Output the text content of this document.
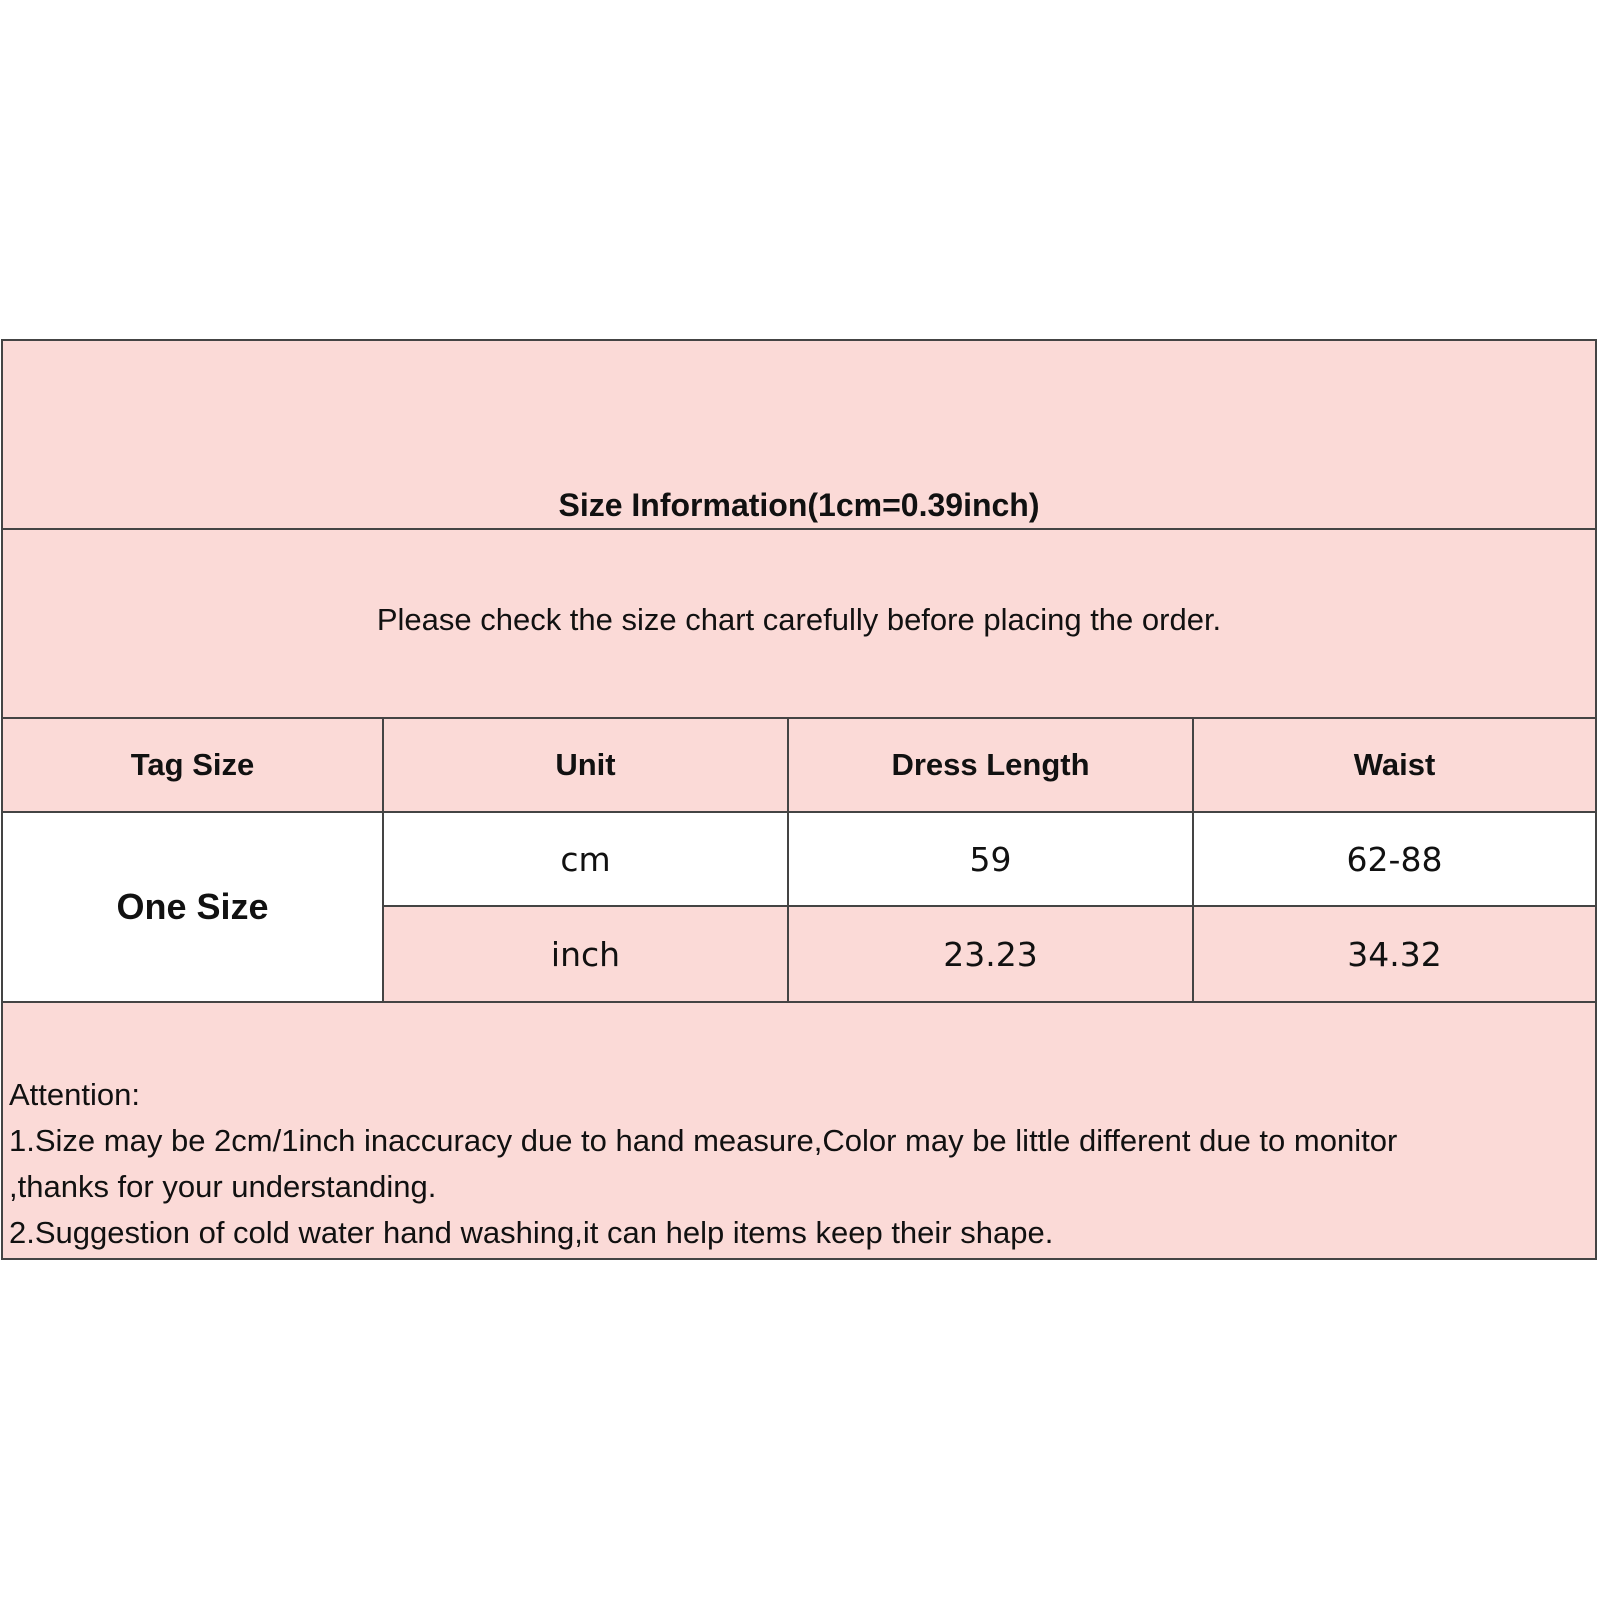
Size Information(1cm=0.39inch)
Please check the size chart carefully before placing the order.
Tag Size	Unit	Dress Length	Waist
One Size
cm	59	62-88
inch	23.23	34.32
Attention:
1.Size may be 2cm/1inch inaccuracy due to hand measure,Color may be little different due to monitor
,thanks for your understanding.
2.Suggestion of cold water hand washing,it can help items keep their shape.
